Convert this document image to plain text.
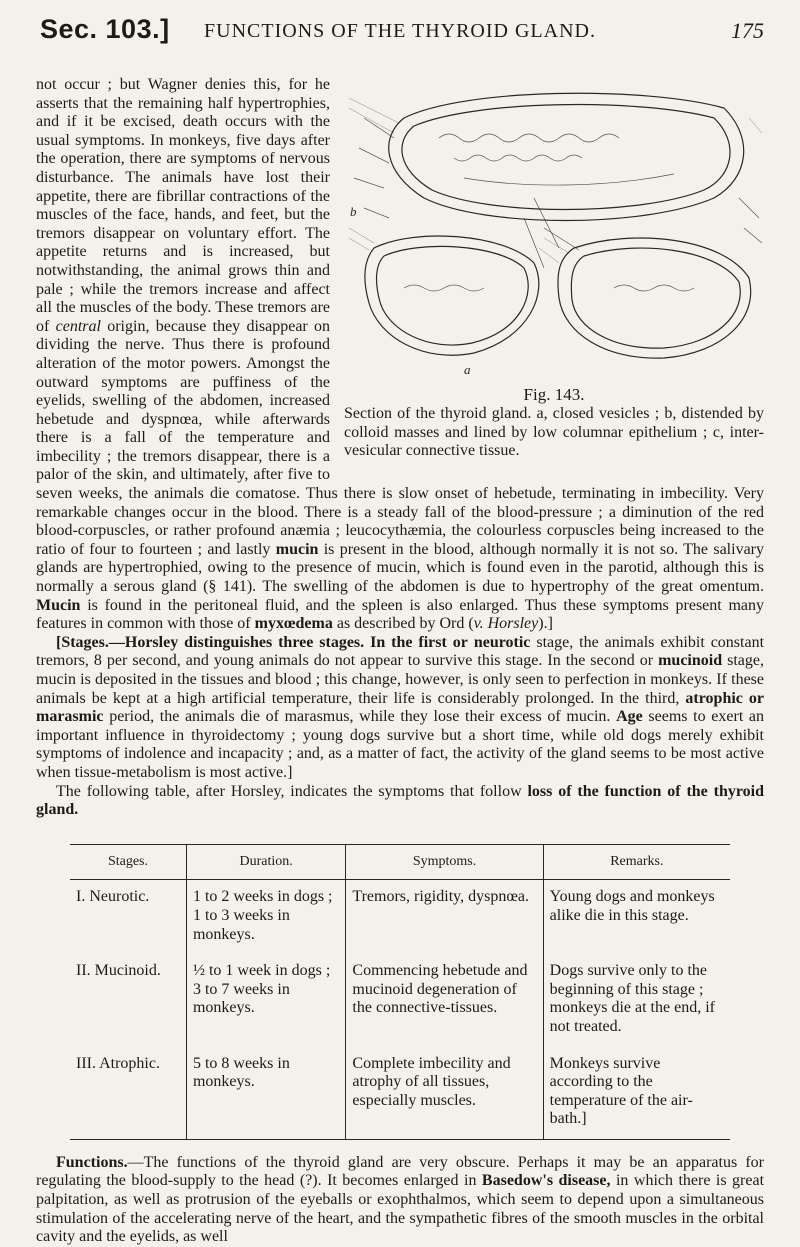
Sec. 103.]	FUNCTIONS OF THE THYROID GLAND.	175
b
a
Fig. 143.
Section of the thyroid gland. a, closed vesicles ; b, distended by colloid masses and lined by low columnar epithelium ; c, inter-vesicular connective tissue.

not occur ; but Wagner denies this, for he asserts that the remaining half hypertrophies, and if it be excised, death occurs with the usual symptoms. In monkeys, five days after the operation, there are symptoms of nervous disturbance. The animals have lost their appetite, there are fibrillar contractions of the muscles of the face, hands, and feet, but the tremors disappear on voluntary effort. The appetite returns and is increased, but notwithstanding, the animal grows thin and pale ; while the tremors increase and affect all the muscles of the body. These tremors are of central origin, because they disappear on dividing the nerve. Thus there is profound alteration of the motor powers. Amongst the outward symptoms are puffiness of the eyelids, swelling of the abdomen, increased hebetude and dyspnœa, while afterwards there is a fall of the temperature and imbecility ; the tremors disappear, there is a palor of the skin, and ultimately, after five to seven weeks, the animals die comatose. Thus there is slow onset of hebetude, terminating in imbecility. Very remarkable changes occur in the blood. There is a steady fall of the blood-pressure ; a diminution of the red blood-corpuscles, or rather profound anæmia ; leucocythæmia, the colourless corpuscles being increased to the ratio of four to fourteen ; and lastly mucin is present in the blood, although normally it is not so. The salivary glands are hypertrophied, owing to the presence of mucin, which is found even in the parotid, although this is normally a serous gland (§ 141). The swelling of the abdomen is due to hypertrophy of the great omentum. Mucin is found in the peritoneal fluid, and the spleen is also enlarged. Thus these symptoms present many features in common with those of myxœdema as described by Ord (v. Horsley).]

[Stages.—Horsley distinguishes three stages. In the first or neurotic stage, the animals exhibit constant tremors, 8 per second, and young animals do not appear to survive this stage. In the second or mucinoid stage, mucin is deposited in the tissues and blood ; this change, however, is only seen to perfection in monkeys. If these animals be kept at a high artificial temperature, their life is considerably prolonged. In the third, atrophic or marasmic period, the animals die of marasmus, while they lose their excess of mucin. Age seems to exert an important influence in thyroidectomy ; young dogs survive but a short time, while old dogs merely exhibit symptoms of indolence and incapacity ; and, as a matter of fact, the activity of the gland seems to be most active when tissue-metabolism is most active.]

The following table, after Horsley, indicates the symptoms that follow loss of the function of the thyroid gland.

Stages.	Duration.	Symptoms.	Remarks.
I. Neurotic.	1 to 2 weeks in dogs ; 1 to 3 weeks in monkeys.	Tremors, rigidity, dyspnœa.	Young dogs and monkeys alike die in this stage.
II. Mucinoid.	½ to 1 week in dogs ; 3 to 7 weeks in monkeys.	Commencing hebetude and mucinoid degeneration of the connective-tissues.	Dogs survive only to the beginning of this stage ; monkeys die at the end, if not treated.
III. Atrophic.	5 to 8 weeks in monkeys.	Complete imbecility and atrophy of all tissues, especially muscles.	Monkeys survive according to the temperature of the air-bath.]

Functions.—The functions of the thyroid gland are very obscure. Perhaps it may be an apparatus for regulating the blood-supply to the head (?). It becomes enlarged in Basedow's disease, in which there is great palpitation, as well as protrusion of the eyeballs or exophthalmos, which seem to depend upon a simultaneous stimulation of the accelerating nerve of the heart, and the sympathetic fibres of the smooth muscles in the orbital cavity and the eyelids, as well
